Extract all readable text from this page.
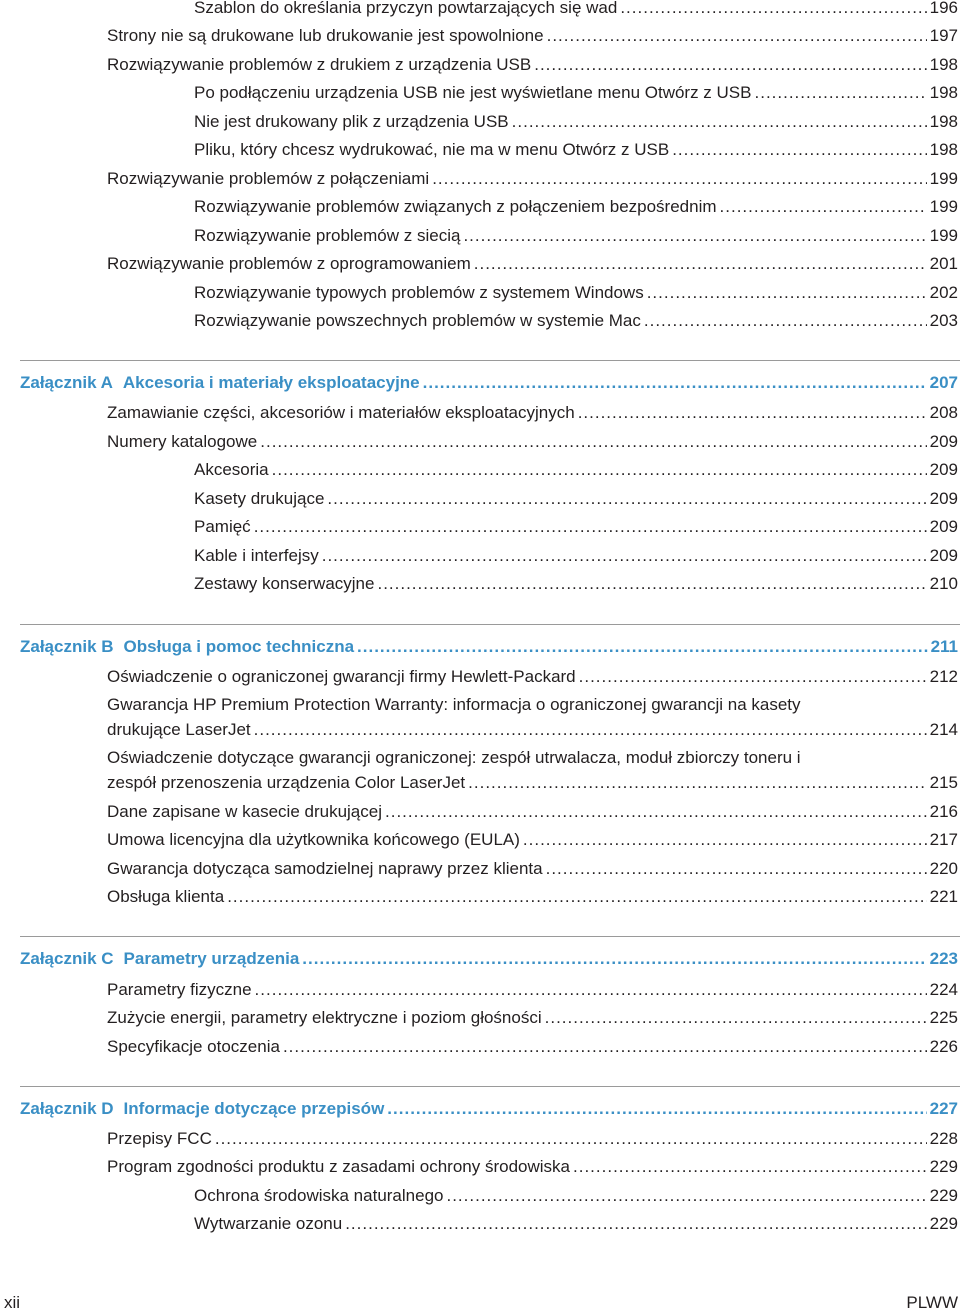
Szablon do określania przyczyn powtarzających się wad .....	196
Strony nie są drukowane lub drukowanie jest spowolnione .....	197
Rozwiązywanie problemów z drukiem z urządzenia USB .....	198
Po podłączeniu urządzenia USB nie jest wyświetlane menu Otwórz z USB .....	198
Nie jest drukowany plik z urządzenia USB .....	198
Pliku, który chcesz wydrukować, nie ma w menu Otwórz z USB .....	198
Rozwiązywanie problemów z połączeniami .....	199
Rozwiązywanie problemów związanych z połączeniem bezpośrednim .....	199
Rozwiązywanie problemów z siecią .....	199
Rozwiązywanie problemów z oprogramowaniem .....	201
Rozwiązywanie typowych problemów z systemem Windows .....	202
Rozwiązywanie powszechnych problemów w systemie Mac .....	203
Załącznik A Akcesoria i materiały eksploatacyjne .....	207
Zamawianie części, akcesoriów i materiałów eksploatacyjnych .....	208
Numery katalogowe .....	209
Akcesoria .....	209
Kasety drukujące .....	209
Pamięć .....	209
Kable i interfejsy .....	209
Zestawy konserwacyjne .....	210
Załącznik B Obsługa i pomoc techniczna .....	211
Oświadczenie o ograniczonej gwarancji firmy Hewlett-Packard .....	212
Gwarancja HP Premium Protection Warranty: informacja o ograniczonej gwarancji na kasety
drukujące LaserJet .....	214
Oświadczenie dotyczące gwarancji ograniczonej: zespół utrwalacza, moduł zbiorczy toneru i
zespół przenoszenia urządzenia Color LaserJet .....	215
Dane zapisane w kasecie drukującej .....	216
Umowa licencyjna dla użytkownika końcowego (EULA) .....	217
Gwarancja dotycząca samodzielnej naprawy przez klienta .....	220
Obsługa klienta .....	221
Załącznik C Parametry urządzenia .....	223
Parametry fizyczne .....	224
Zużycie energii, parametry elektryczne i poziom głośności .....	225
Specyfikacje otoczenia .....	226
Załącznik D Informacje dotyczące przepisów .....	227
Przepisy FCC .....	228
Program zgodności produktu z zasadami ochrony środowiska .....	229
Ochrona środowiska naturalnego .....	229
Wytwarzanie ozonu .....	229
xii	PLWW
